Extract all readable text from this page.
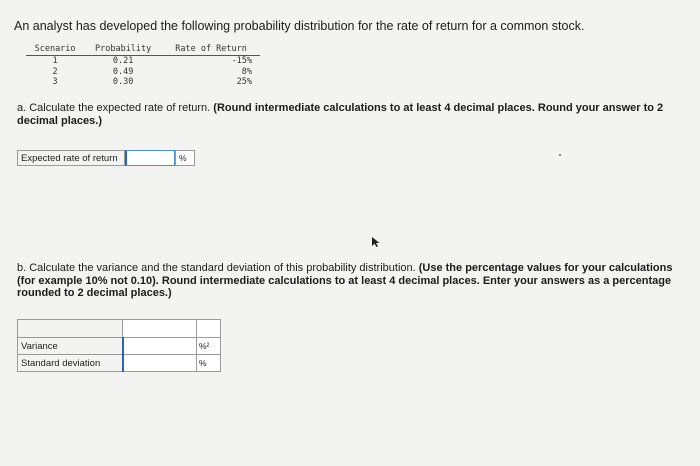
An analyst has developed the following probability distribution for the rate of return for a common stock.
Scenario	Probability	Rate of Return
1	0.21	-15%
2	0.49	8%
3	0.30	25%
a. Calculate the expected rate of return. (Round intermediate calculations to at least 4 decimal places. Round your answer to 2 decimal places.)
Expected rate of return	%
b. Calculate the variance and the standard deviation of this probability distribution. (Use the percentage values for your calculations (for example 10% not 0.10). Round intermediate calculations to at least 4 decimal places. Enter your answers as a percentage rounded to 2 decimal places.)

Variance		%²
Standard deviation		%
